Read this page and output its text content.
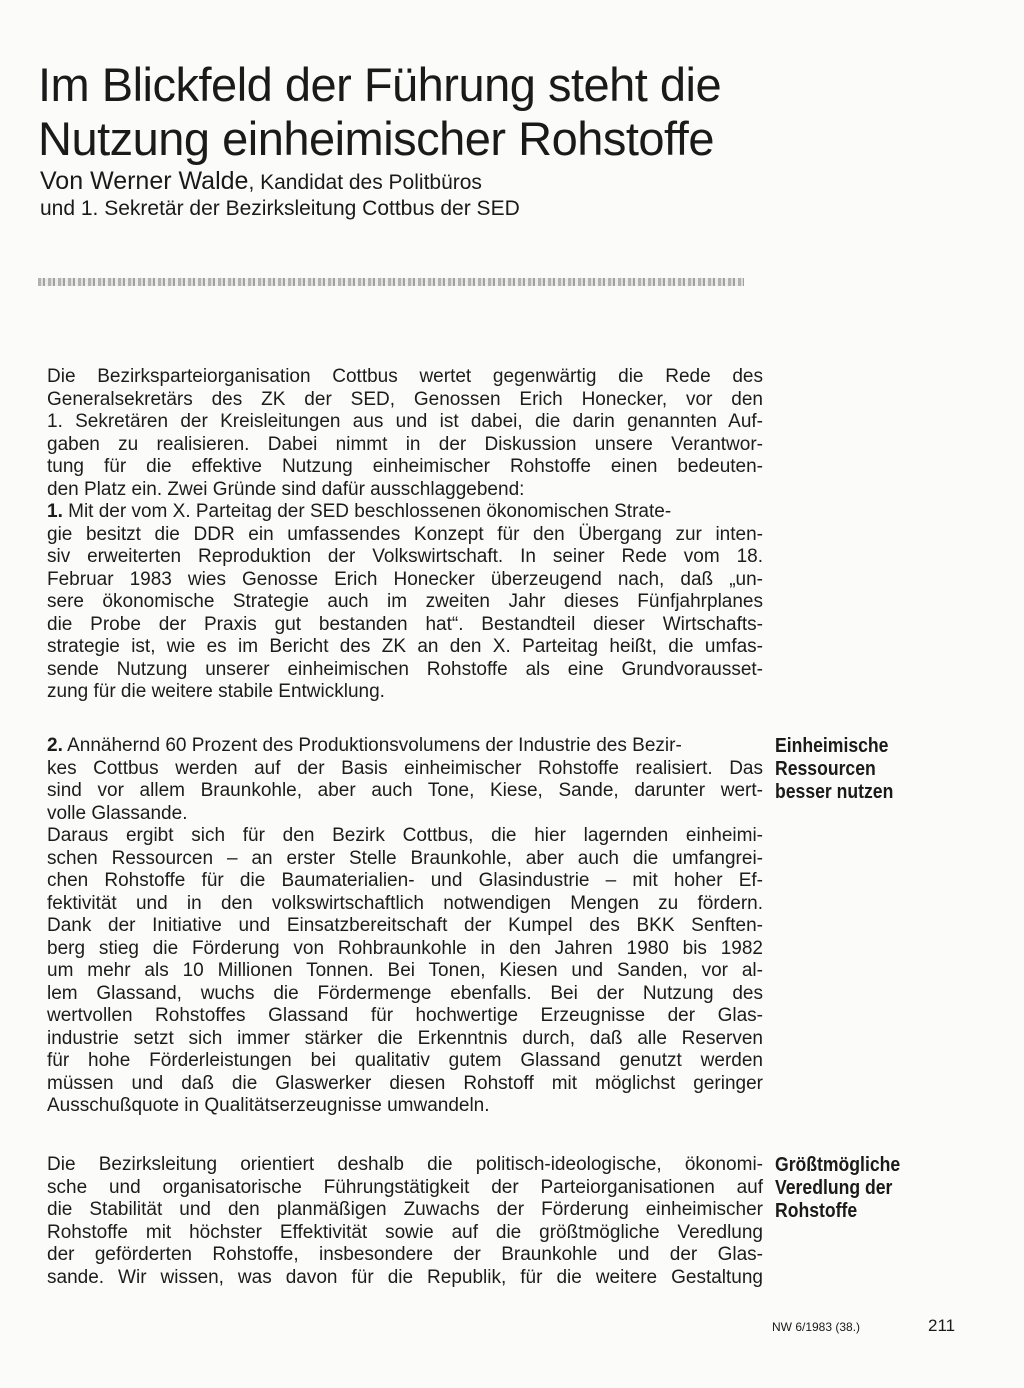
Im Blickfeld der Führung steht die
Nutzung einheimischer Rohstoffe
Von Werner Walde, Kandidat des Politbüros
und 1. Sekretär der Bezirksleitung Cottbus der SED
Die Bezirksparteiorganisation Cottbus wertet gegenwärtig die Rede des
Generalsekretärs des ZK der SED, Genossen Erich Honecker, vor den
1. Sekretären der Kreisleitungen aus und ist dabei, die darin genannten Auf-
gaben zu realisieren. Dabei nimmt in der Diskussion unsere Verantwor-
tung für die effektive Nutzung einheimischer Rohstoffe einen bedeuten-
den Platz ein. Zwei Gründe sind dafür ausschlaggebend:
1. Mit der vom X. Parteitag der SED beschlossenen ökonomischen Strate-
gie besitzt die DDR ein umfassendes Konzept für den Übergang zur inten-
siv erweiterten Reproduktion der Volkswirtschaft. In seiner Rede vom 18.
Februar 1983 wies Genosse Erich Honecker überzeugend nach, daß „un-
sere ökonomische Strategie auch im zweiten Jahr dieses Fünfjahrplanes
die Probe der Praxis gut bestanden hat“. Bestandteil dieser Wirtschafts-
strategie ist, wie es im Bericht des ZK an den X. Parteitag heißt, die umfas-
sende Nutzung unserer einheimischen Rohstoffe als eine Grundvorausset-
zung für die weitere stabile Entwicklung.
2. Annähernd 60 Prozent des Produktionsvolumens der Industrie des Bezir-
kes Cottbus werden auf der Basis einheimischer Rohstoffe realisiert. Das
sind vor allem Braunkohle, aber auch Tone, Kiese, Sande, darunter wert-
volle Glassande.
Daraus ergibt sich für den Bezirk Cottbus, die hier lagernden einheimi-
schen Ressourcen – an erster Stelle Braunkohle, aber auch die umfangrei-
chen Rohstoffe für die Baumaterialien- und Glasindustrie – mit hoher Ef-
fektivität und in den volkswirtschaftlich notwendigen Mengen zu fördern.
Dank der Initiative und Einsatzbereitschaft der Kumpel des BKK Senften-
berg stieg die Förderung von Rohbraunkohle in den Jahren 1980 bis 1982
um mehr als 10 Millionen Tonnen. Bei Tonen, Kiesen und Sanden, vor al-
lem Glassand, wuchs die Fördermenge ebenfalls. Bei der Nutzung des
wertvollen Rohstoffes Glassand für hochwertige Erzeugnisse der Glas-
industrie setzt sich immer stärker die Erkenntnis durch, daß alle Reserven
für hohe Förderleistungen bei qualitativ gutem Glassand genutzt werden
müssen und daß die Glaswerker diesen Rohstoff mit möglichst geringer
Ausschußquote in Qualitätserzeugnisse umwandeln.
Die Bezirksleitung orientiert deshalb die politisch-ideologische, ökonomi-
sche und organisatorische Führungstätigkeit der Parteiorganisationen auf
die Stabilität und den planmäßigen Zuwachs der Förderung einheimischer
Rohstoffe mit höchster Effektivität sowie auf die größtmögliche Veredlung
der geförderten Rohstoffe, insbesondere der Braunkohle und der Glas-
sande. Wir wissen, was davon für die Republik, für die weitere Gestaltung
Einheimische
Ressourcen
besser nutzen
Größtmögliche
Veredlung der
Rohstoffe
NW 6/1983 (38.)	211
